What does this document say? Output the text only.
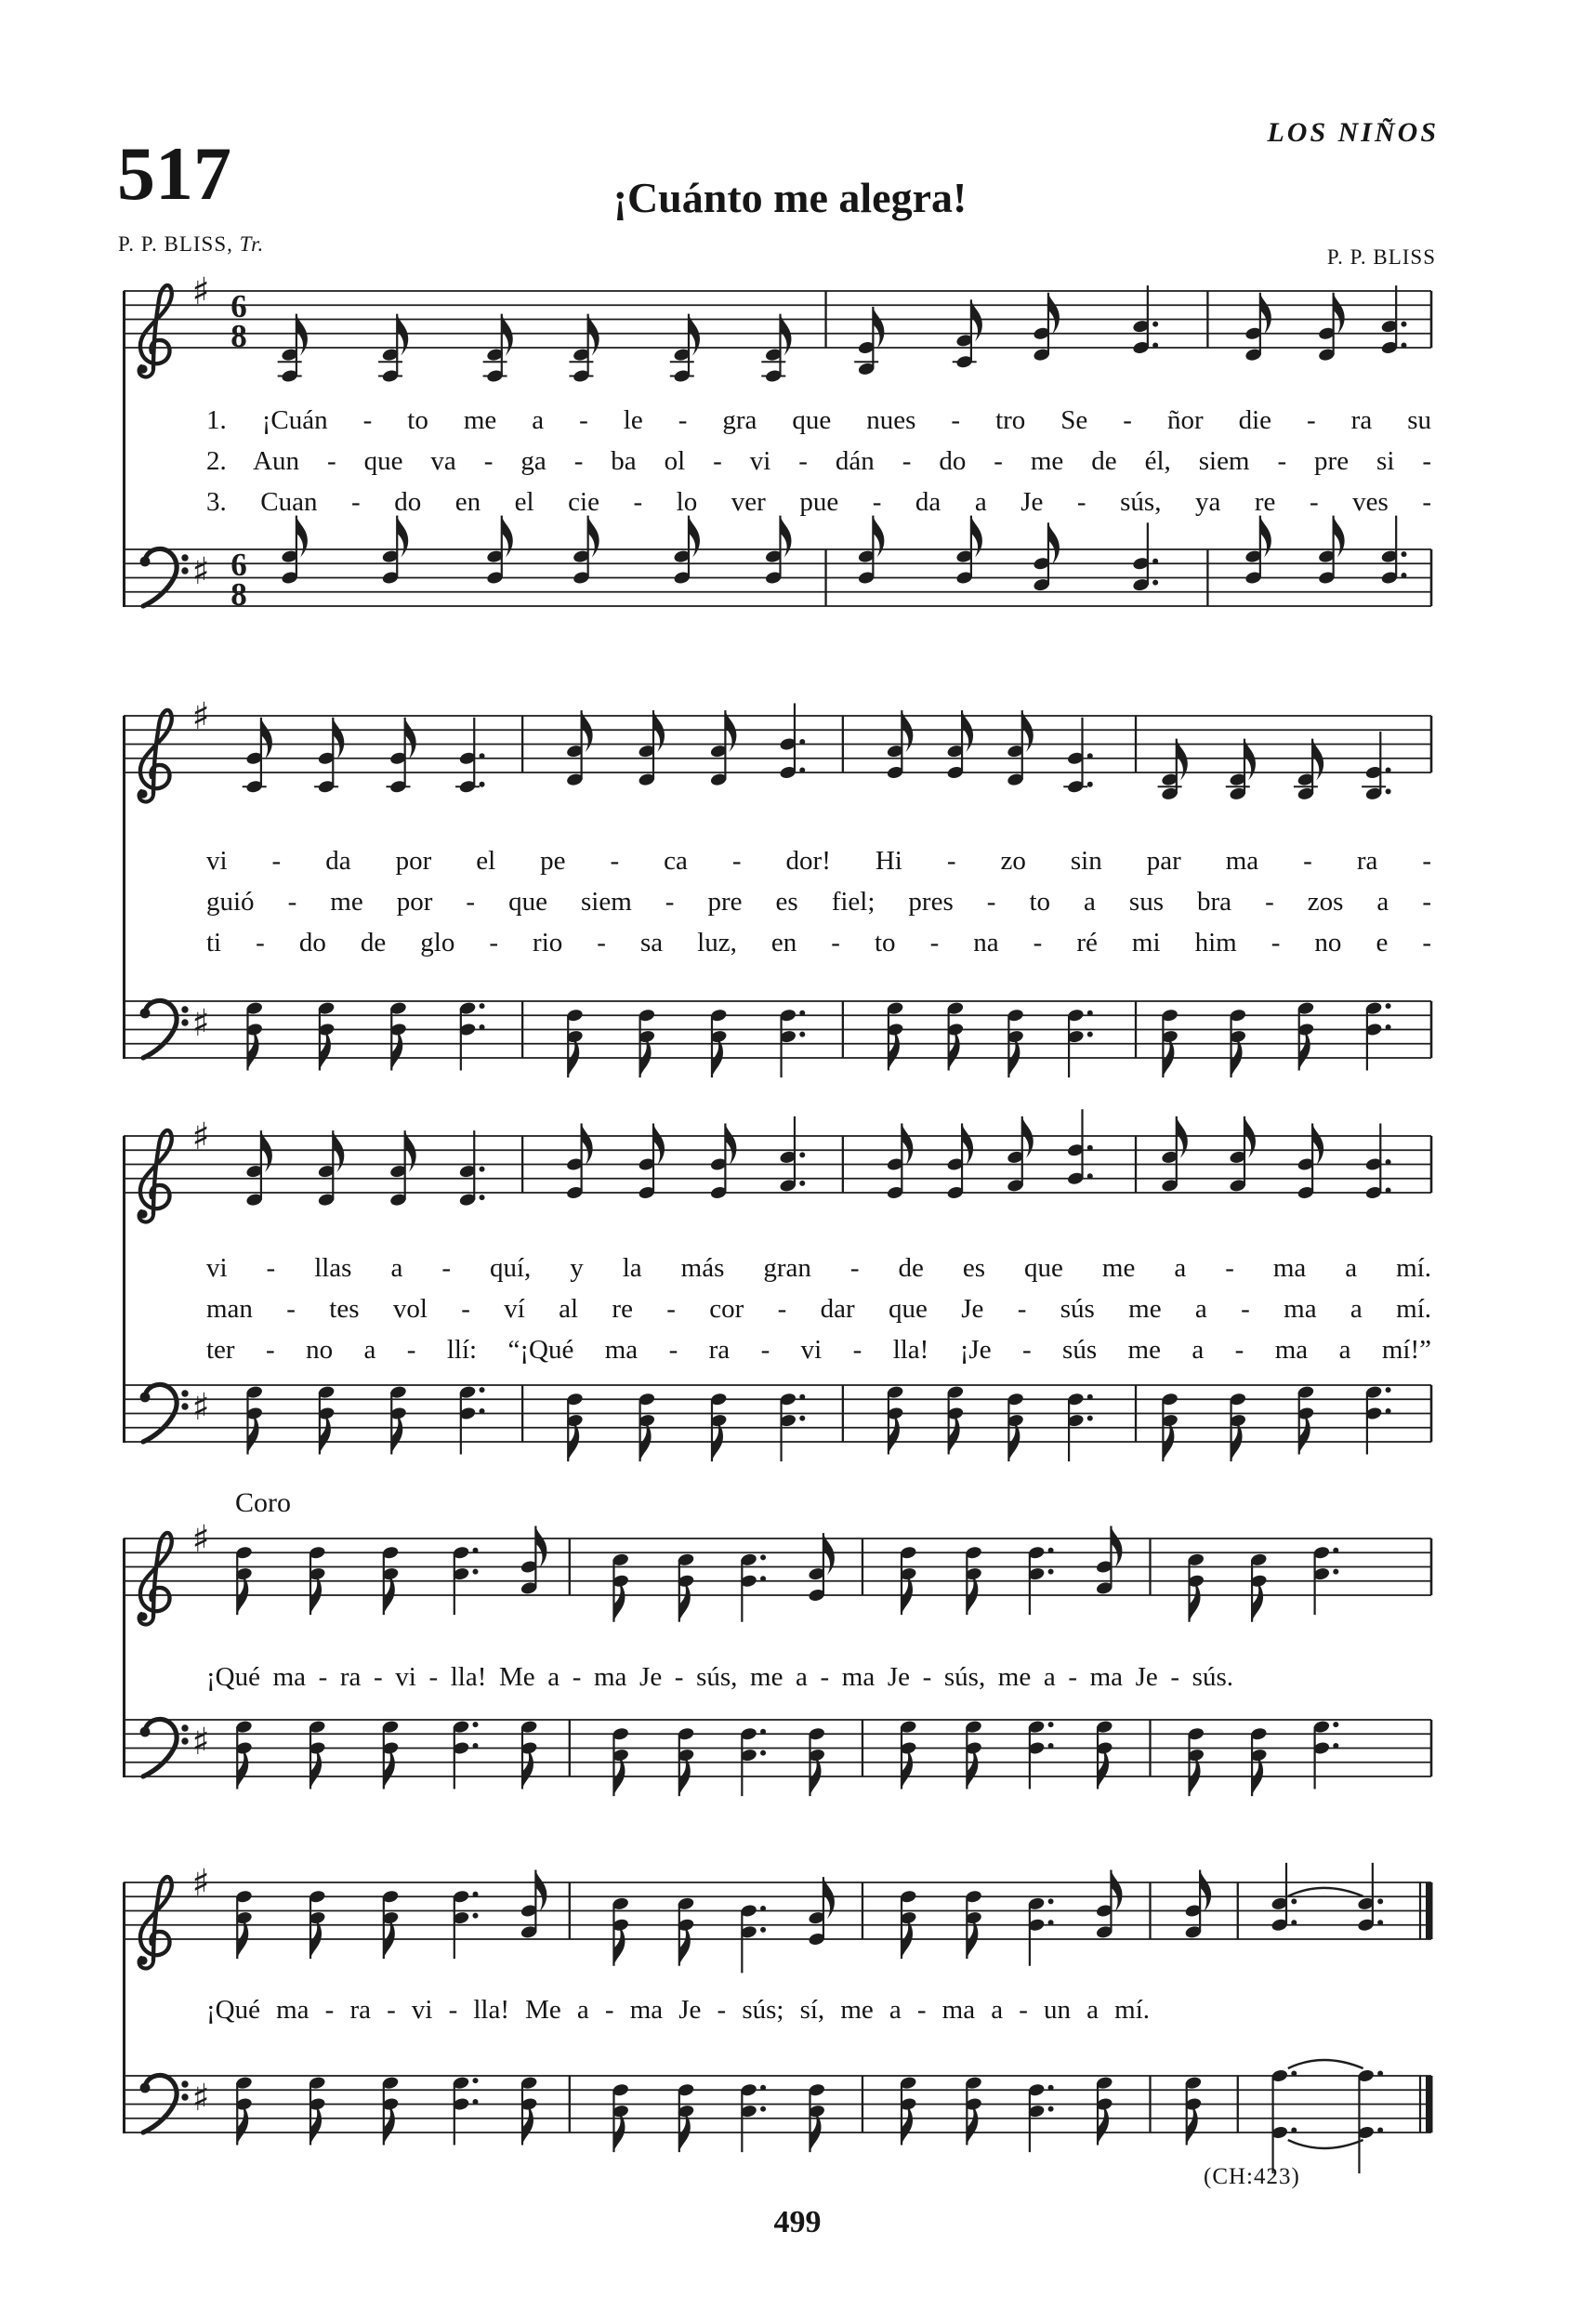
LOS NIÑOS
517	¡Cuánto me alegra!
P. P. BLISS, Tr.
P. P. BLISS
♯ 6
8
♯ 6
8
♯
♯
♯
♯
♯
♯
♯
♯
1. ¡Cuán - to me a - le - gra que nues - tro Se - ñor die - ra su
2. Aun - que va - ga - ba ol - vi - dán - do - me de él, siem - pre si -
3. Cuan - do en el cie - lo ver pue - da a Je - sús, ya re - ves -
vi - da por el pe - ca - dor! Hi - zo sin par ma - ra -
guió - me por - que siem - pre es fiel; pres - to a sus bra - zos a -
ti - do de glo - rio - sa luz, en - to - na - ré mi him - no e -
vi - llas a - quí, y la más gran - de es que me a - ma a mí.
man - tes vol - ví al re - cor - dar que Je - sús me a - ma a mí.
ter - no a - llí: “¡Qué ma - ra - vi - lla! ¡Je - sús me a - ma a mí!”
Coro
¡Qué ma - ra - vi - lla! Me a - ma Je - sús, me a - ma Je - sús, me a - ma Je - sús.
¡Qué ma - ra - vi - lla! Me a - ma Je - sús; sí, me a - ma a - un a mí.
(CH:423)
499
